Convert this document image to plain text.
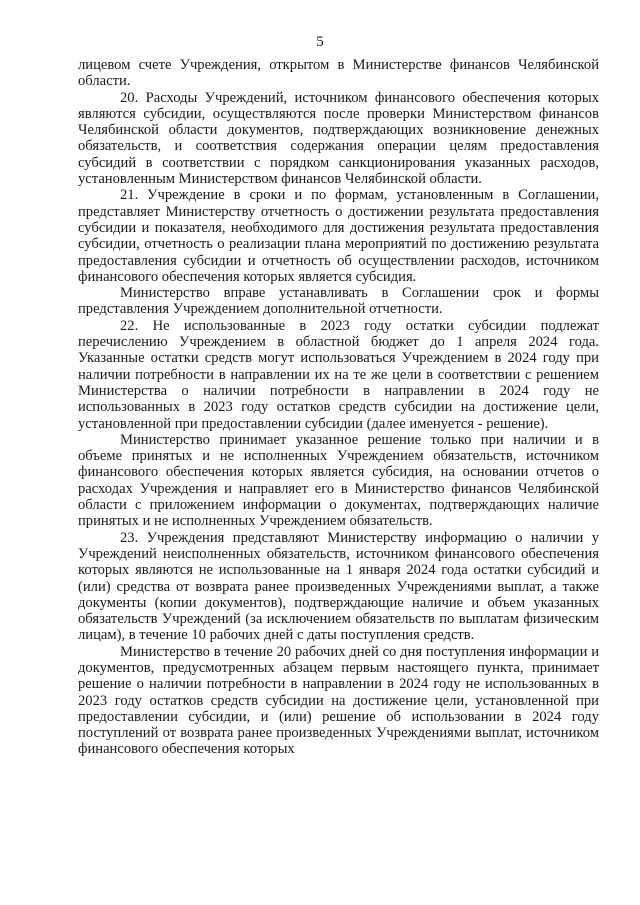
5

лицевом счете Учреждения, открытом в Министерстве финансов Челябинской области.

20. Расходы Учреждений, источником финансового обеспечения которых являются субсидии, осуществляются после проверки Министерством финансов Челябинской области документов, подтверждающих возникновение денежных обязательств, и соответствия содержания операции целям предоставления субсидий в соответствии с порядком санкционирования указанных расходов, установленным Министерством финансов Челябинской области.

21. Учреждение в сроки и по формам, установленным в Соглашении, представляет Министерству отчетность о достижении результата предоставления субсидии и показателя, необходимого для достижения результата предоставления субсидии, отчетность о реализации плана мероприятий по достижению результата предоставления субсидии и отчетность об осуществлении расходов, источником финансового обеспечения которых является субсидия.

Министерство вправе устанавливать в Соглашении срок и формы представления Учреждением дополнительной отчетности.

22. Не использованные в 2023 году остатки субсидии подлежат перечислению Учреждением в областной бюджет до 1 апреля 2024 года. Указанные остатки средств могут использоваться Учреждением в 2024 году при наличии потребности в направлении их на те же цели в соответствии с решением Министерства о наличии потребности в направлении в 2024 году не использованных в 2023 году остатков средств субсидии на достижение цели, установленной при предоставлении субсидии (далее именуется - решение).

Министерство принимает указанное решение только при наличии и в объеме принятых и не исполненных Учреждением обязательств, источником финансового обеспечения которых является субсидия, на основании отчетов о расходах Учреждения и направляет его в Министерство финансов Челябинской области с приложением информации о документах, подтверждающих наличие принятых и не исполненных Учреждением обязательств.

23. Учреждения представляют Министерству информацию о наличии у Учреждений неисполненных обязательств, источником финансового обеспечения которых являются не использованные на 1 января 2024 года остатки субсидий и (или) средства от возврата ранее произведенных Учреждениями выплат, а также документы (копии документов), подтверждающие наличие и объем указанных обязательств Учреждений (за исключением обязательств по выплатам физическим лицам), в течение 10 рабочих дней с даты поступления средств.

Министерство в течение 20 рабочих дней со дня поступления информации и документов, предусмотренных абзацем первым настоящего пункта, принимает решение о наличии потребности в направлении в 2024 году не использованных в 2023 году остатков средств субсидии на достижение цели, установленной при предоставлении субсидии, и (или) решение об использовании в 2024 году поступлений от возврата ранее произведенных Учреждениями выплат, источником финансового обеспечения которых
